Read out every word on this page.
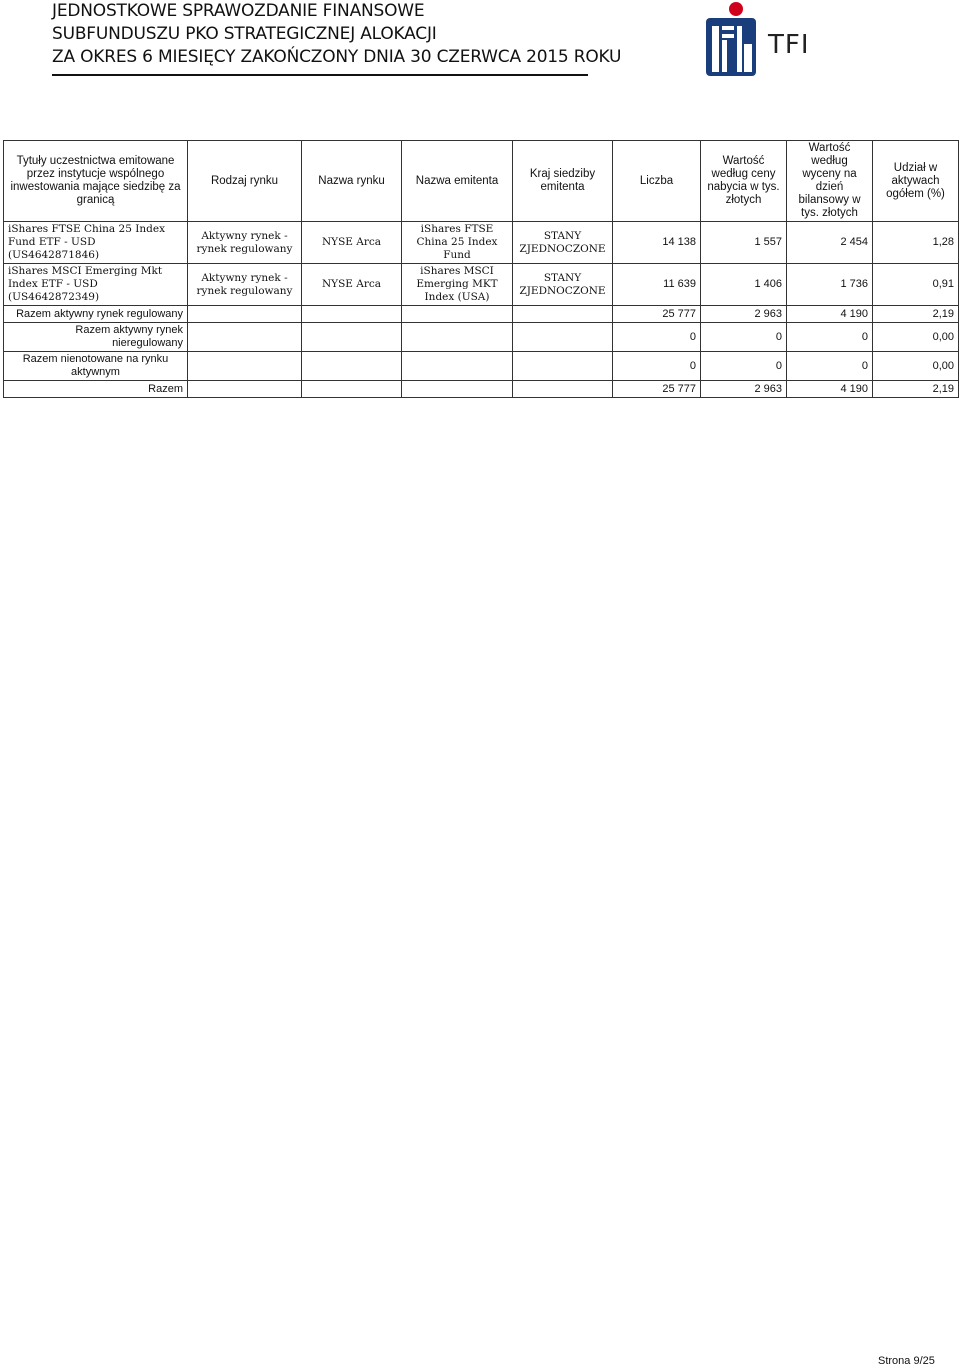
JEDNOSTKOWE SPRAWOZDANIE FINANSOWE
SUBFUNDUSZU PKO STRATEGICZNEJ ALOKACJI
ZA OKRES 6 MIESIĘCY ZAKOŃCZONY DNIA 30 CZERWCA 2015 ROKU	TFI
Tytuły uczestnictwa emitowane przez instytucje wspólnego inwestowania mające siedzibę za granicą	Rodzaj rynku	Nazwa rynku	Nazwa emitenta	Kraj siedziby emitenta	Liczba	Wartość według ceny nabycia w tys. złotych	Wartość według wyceny na dzień bilansowy w tys. złotych	Udział w aktywach ogółem (%)
iShares FTSE China 25 Index Fund ETF - USD (US4642871846)	Aktywny rynek - rynek regulowany	NYSE Arca	iShares FTSE China 25 Index Fund	STANY ZJEDNOCZONE	14 138	1 557	2 454	1,28
iShares MSCI Emerging Mkt Index ETF - USD (US4642872349)	Aktywny rynek - rynek regulowany	NYSE Arca	iShares MSCI Emerging MKT Index (USA)	STANY ZJEDNOCZONE	11 639	1 406	1 736	0,91
Razem aktywny rynek regulowany					25 777	2 963	4 190	2,19
Razem aktywny rynek nieregulowany					0	0	0	0,00
Razem nienotowane na rynku aktywnym					0	0	0	0,00
Razem					25 777	2 963	4 190	2,19
Strona 9/25
